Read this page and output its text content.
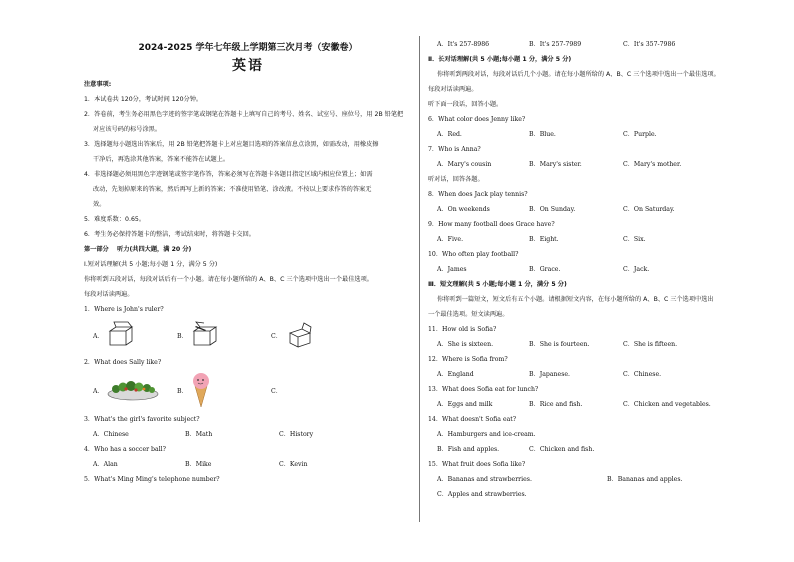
2024-2025 学年七年级上学期第三次月考（安徽卷）

英语

注意事项:

1．本试卷共 120分，考试时间 120分钟。

2．答卷前，考生务必用黑色字迹的签字笔或钢笔在答题卡上填写自己的考号、姓名、试室号、座位号，用 2B 铅笔把

对应该号码的标号涂黑。

3．选择题每小题选出答案后，用 2B 铅笔把答题卡上对应题目选项的答案信息点涂黑，如需改动，用橡皮擦

干净后，再选涂其他答案，答案不能答在试题上。

4．非选择题必须用黑色字迹钢笔或签字笔作答，答案必须写在答题卡各题目指定区域内相应位置上；如需

改动，先划掉原来的答案，然后再写上新的答案；不准使用铅笔、涂改液。不按以上要求作答的答案无

效。

5．难度系数：0.65。

6．考生务必保持答题卡的整洁，考试结束时，将答题卡交回。

第一部分　 听力(共四大题，满 20 分)

Ⅰ.短对话理解(共 5 小题;每小题 1 分，满分 5 分)

你将听到五段对话，每段对话后有一个小题。请在每小题所给的 A、B、C 三个选项中选出一个最佳选项。

每段对话读两遍。

1．Where is John's ruler?

A．	B．	C．

2．What does Sally like?

A．	B．	C．

3．What's the girl's favorite subject?

A．Chinese	B．Math	C．History

4．Who has a soccer ball?

A．Alan	B．Mike	C．Kevin

5．What's Ming Ming's telephone number?

A．It's 257-8986	B．It's 257-7989	C．It's 357-7986

Ⅱ．长对话理解(共 5 小题;每小题 1 分，满分 5 分)

你将听到两段对话，每段对话后几个小题。请在每小题所给的 A、B、C 三个选项中选出一个最佳选项。

每段对话读两遍。

听下面一段话，回答小题。

6．What color does Jenny like?

A．Red.	B．Blue.	C．Purple.

7．Who is Anna?

A．Mary's cousin	B．Mary's sister.	C．Mary's mother.

听对话，回答各题。

8．When does Jack play tennis?

A．On weekends	B．On Sunday.	C．On Saturday.

9．How many football does Grace have?

A．Five.	B．Eight.	C．Six.

10．Who often play football?

A．James	B．Grace.	C．Jack.

Ⅲ．短文理解(共 5 小题;每小题 1 分，满分 5 分)

你将听到一篇短文，短文后有五个小题。请根据短文内容，在每小题所给的 A、B、C 三个选项中选出

一个最佳选项。短文读两遍。

11．How old is Sofia?

A．She is sixteen.	B．She is fourteen.	C．She is fifteen.

12．Where is Sofia from?

A．England	B．Japanese.	C．Chinese.

13．What does Sofia eat for lunch?

A．Eggs and milk	B．Rice and fish.	C．Chicken and vegetables.

14．What doesn't Sofia eat?

A．Hamburgers and ice-cream.
B．Fish and apples.	C．Chicken and fish.

15．What fruit does Sofia like?

A．Bananas and strawberries.	B．Bananas and apples.
C．Apples and strawberries.
